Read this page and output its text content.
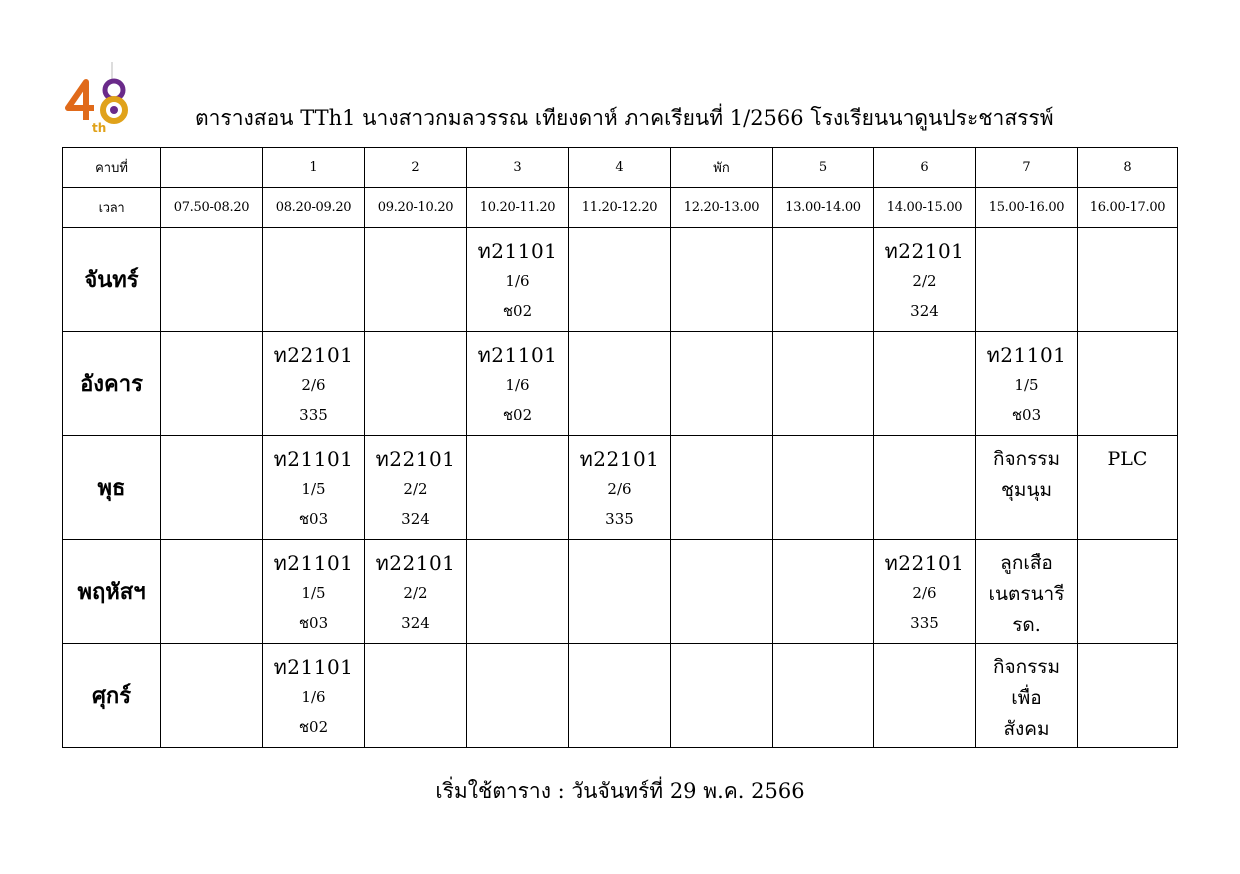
th	ตารางสอน TTh1 นางสาวกมลวรรณ เทียงดาห์ ภาคเรียนที่ 1/2566 โรงเรียนนาดูนประชาสรรพ์
คาบที่		1	2	3	4	พัก	5	6	7	8
เวลา	07.50-08.20	08.20-09.20	09.20-10.20	10.20-11.20	11.20-12.20	12.20-13.00	13.00-14.00	14.00-15.00	15.00-16.00	16.00-17.00
จันทร์				ท21101
1/6
ช02				ท22101
2/2
324		

อังคาร		ท22101
2/6
335		ท21101
1/6
ช02					ท21101
1/5
ช03	

พุธ		ท21101
1/5
ช03	ท22101
2/2
324		ท22101
2/6
335				กิจกรรม
ชุมนุม	PLC

พฤหัสฯ		ท21101
1/5
ช03	ท22101
2/2
324					ท22101
2/6
335	ลูกเสือ
เนตรนารี
รด.	

ศุกร์		ท21101
1/6
ช02							กิจกรรม
เพื่อ
สังคม	

เริ่มใช้ตาราง : วันจันทร์ที่ 29 พ.ค. 2566
